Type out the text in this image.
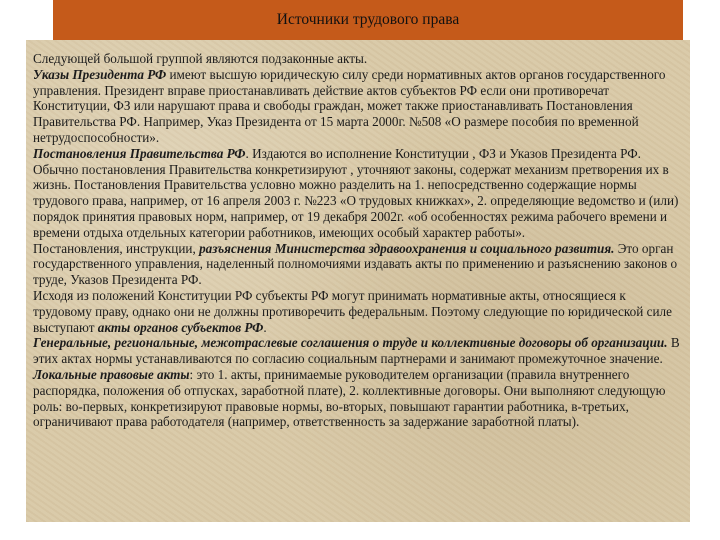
Источники трудового права

Следующей большой группой являются подзаконные акты.

Указы Президента РФ имеют высшую юридическую силу среди нормативных актов органов государственного управления. Президент вправе приостанавливать действие актов субъектов РФ если они противоречат Конституции, ФЗ или нарушают права и свободы граждан, может также приостанавливать Постановления Правительства РФ. Например, Указ Президента от 15 марта 2000г. №508 «О размере пособия по временной нетрудоспособности».

Постановления Правительства РФ. Издаются во исполнение Конституции , ФЗ и Указов Президента РФ. Обычно постановления Правительства конкретизируют , уточняют законы, содержат механизм претворения их в жизнь. Постановления Правительства условно можно разделить на 1. непосредственно содержащие нормы трудового права, например, от 16 апреля 2003 г. №223 «О трудовых книжках», 2. определяющие ведомство и (или) порядок принятия правовых норм, например, от 19 декабря 2002г. «об особенностях режима рабочего времени и времени отдыха отдельных категории работников, имеющих особый характер работы».

Постановления, инструкции, разъяснения Министерства здравоохранения и социального развития. Это орган государственного управления, наделенный полномочиями издавать акты по применению и разъяснению законов о труде, Указов Президента РФ.

Исходя из положений Конституции РФ субъекты РФ могут принимать нормативные акты, относящиеся к трудовому праву, однако они не должны противоречить федеральным. Поэтому следующие по юридической силе выступают акты органов субъектов РФ.

Генеральные, региональные, межотраслевые соглашения о труде и коллективные договоры об организации. В этих актах нормы устанавливаются по согласию социальным партнерами и занимают промежуточное значение.

Локальные правовые акты: это 1. акты, принимаемые руководителем организации (правила внутреннего распорядка, положения об отпусках, заработной плате), 2. коллективные договоры. Они выполняют следующую роль: во-первых, конкретизируют правовые нормы, во-вторых, повышают гарантии работника, в-третьих, ограничивают права работодателя (например, ответственность за задержание заработной платы).
